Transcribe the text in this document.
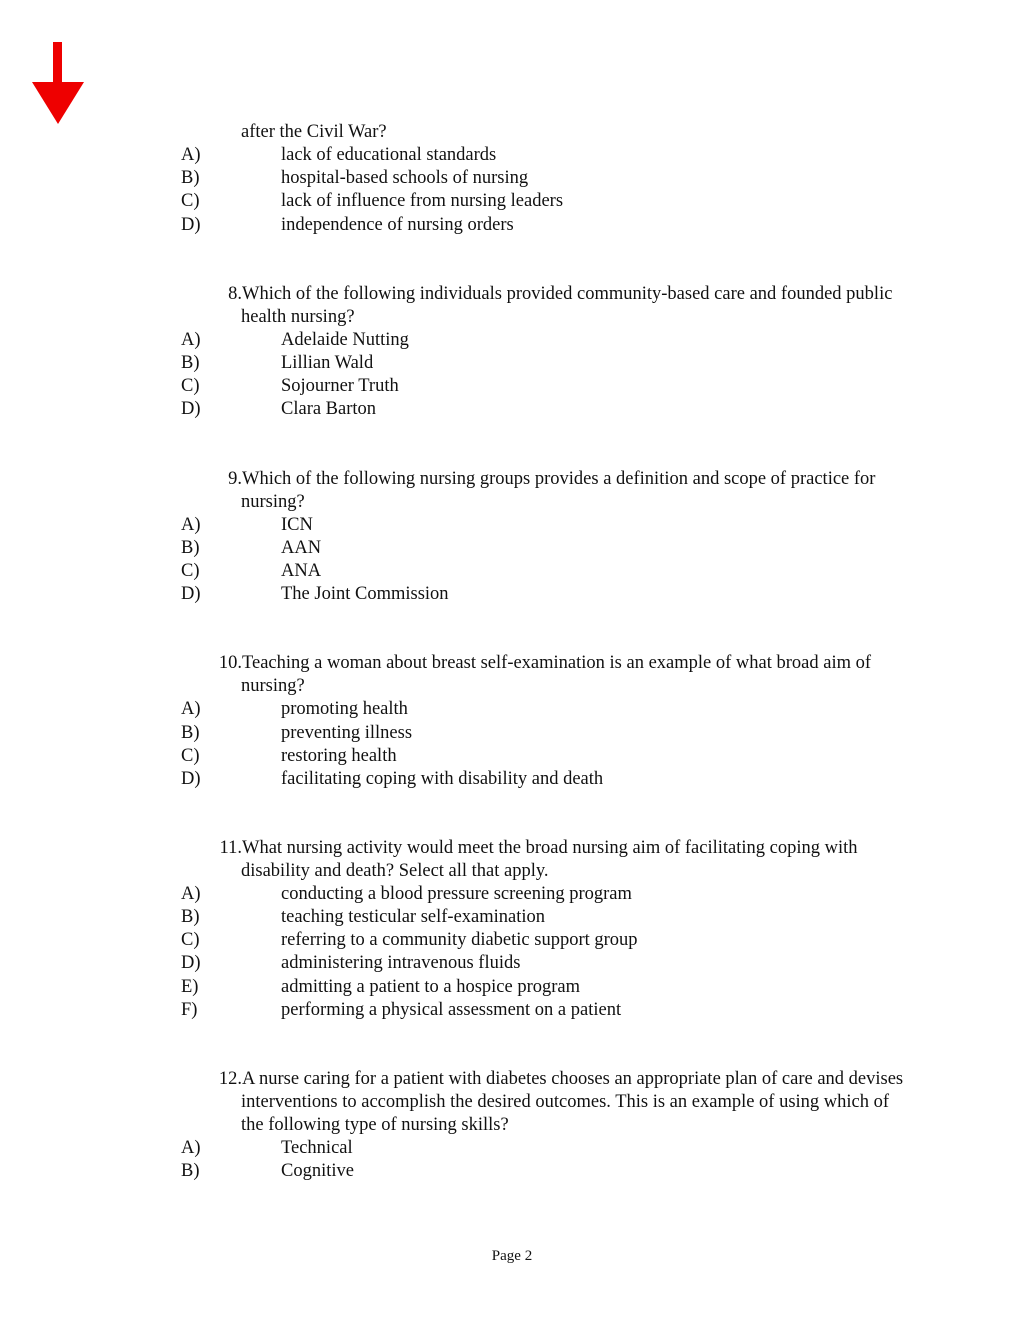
after the Civil War?
A)	lack of educational standards
B)	hospital-based schools of nursing
C)	lack of influence from nursing leaders
D)	independence of nursing orders
8. Which of the following individuals provided community-based care and founded public
health nursing?
A)	Adelaide Nutting
B)	Lillian Wald
C)	Sojourner Truth
D)	Clara Barton
9. Which of the following nursing groups provides a definition and scope of practice for
nursing?
A)	ICN
B)	AAN
C)	ANA
D)	The Joint Commission
10. Teaching a woman about breast self-examination is an example of what broad aim of
nursing?
A)	promoting health
B)	preventing illness
C)	restoring health
D)	facilitating coping with disability and death
11. What nursing activity would meet the broad nursing aim of facilitating coping with
disability and death? Select all that apply.
A)	conducting a blood pressure screening program
B)	teaching testicular self-examination
C)	referring to a community diabetic support group
D)	administering intravenous fluids
E)	admitting a patient to a hospice program
F)	performing a physical assessment on a patient
12. A nurse caring for a patient with diabetes chooses an appropriate plan of care and devises
interventions to accomplish the desired outcomes. This is an example of using which of
the following type of nursing skills?
A)	Technical
B)	Cognitive
Page 2
